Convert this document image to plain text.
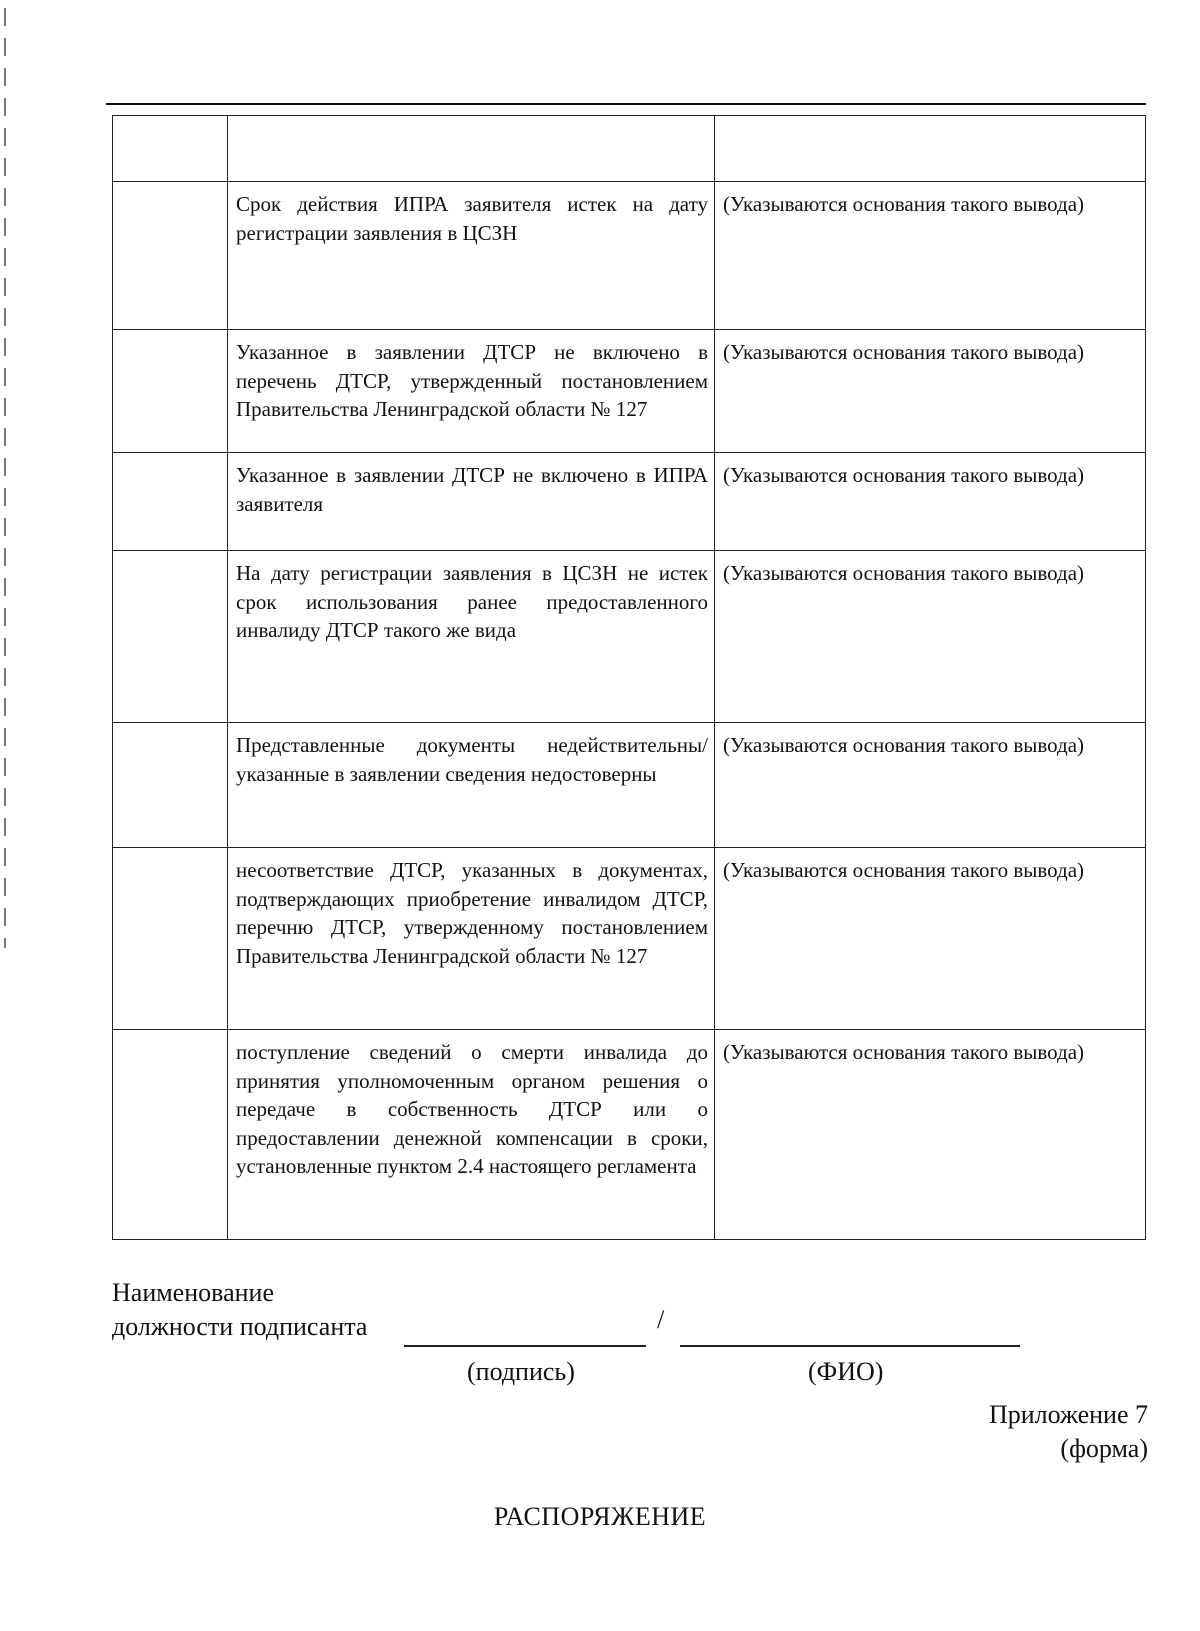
	Срок действия ИПРА заявителя истек на дату регистрации заявления в ЦСЗН	(Указываются основания такого вывода)
	Указанное в заявлении ДТСР не включено в перечень ДТСР, утвержденный постановлением Правительства Ленинградской области № 127	(Указываются основания такого вывода)
	Указанное в заявлении ДТСР не включено в ИПРА заявителя	(Указываются основания такого вывода)
	На дату регистрации заявления в ЦСЗН не истек срок использования ранее предоставленного инвалиду ДТСР такого же вида	(Указываются основания такого вывода)
	Представленные документы недействительны/указанные в заявлении сведения недостоверны	(Указываются основания такого вывода)
	несоответствие ДТСР, указанных в документах, подтверждающих приобретение инвалидом ДТСР, перечню ДТСР, утвержденному постановлением Правительства Ленинградской области № 127	(Указываются основания такого вывода)
	поступление сведений о смерти инвалида до принятия уполномоченным органом решения о передаче в собственность ДТСР или о предоставлении денежной компенсации в сроки, установленные пунктом 2.4 настоящего регламента	(Указываются основания такого вывода)
Наименование
должности подписанта	/
(подпись)	(ФИО)
Приложение 7
(форма)
РАСПОРЯЖЕНИЕ
